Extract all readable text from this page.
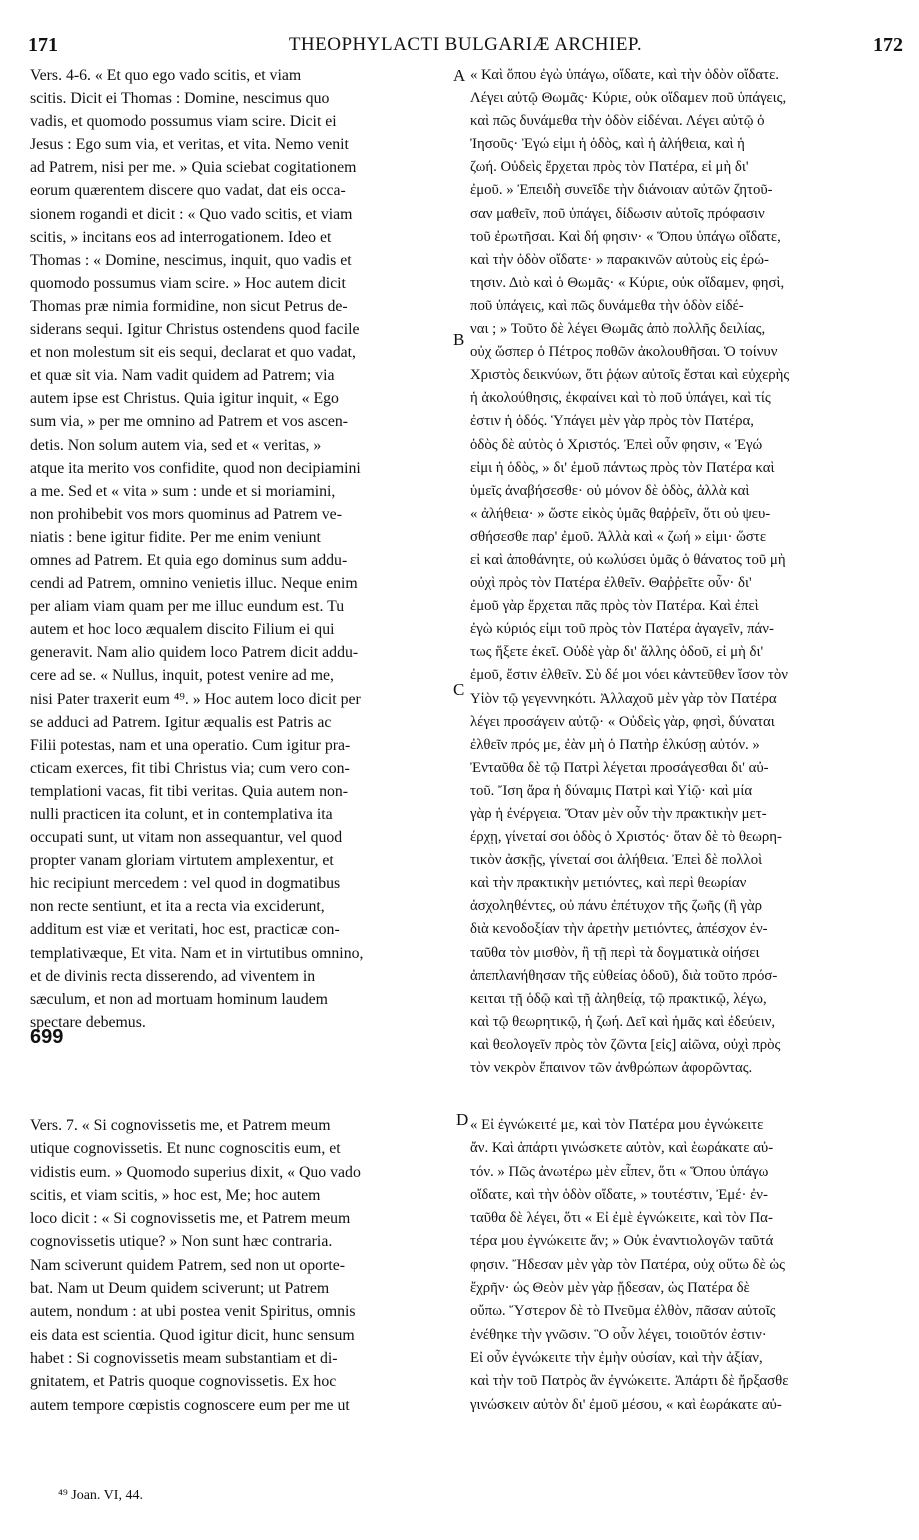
171	THEOPHYLACTI BULGARIÆ ARCHIEP.	172
A
B
C
D
699
Vers. 4-6. « Et quo ego vado scitis, et viam
scitis. Dicit ei Thomas : Domine, nescimus quo
vadis, et quomodo possumus viam scire. Dicit ei
Jesus : Ego sum via, et veritas, et vita. Nemo venit
ad Patrem, nisi per me. » Quia sciebat cogitationem
eorum quærentem discere quo vadat, dat eis occa-
sionem rogandi et dicit : « Quo vado scitis, et viam
scitis, » incitans eos ad interrogationem. Ideo et
Thomas : « Domine, nescimus, inquit, quo vadis et
quomodo possumus viam scire. » Hoc autem dicit
Thomas præ nimia formidine, non sicut Petrus de-
siderans sequi. Igitur Christus ostendens quod facile
et non molestum sit eis sequi, declarat et quo vadat,
et quæ sit via. Nam vadit quidem ad Patrem; via
autem ipse est Christus. Quia igitur inquit, « Ego
sum via, » per me omnino ad Patrem et vos ascen-
detis. Non solum autem via, sed et « veritas, »
atque ita merito vos confidite, quod non decipiamini
a me. Sed et « vita » sum : unde et si moriamini,
non prohibebit vos mors quominus ad Patrem ve-
niatis : bene igitur fidite. Per me enim veniunt
omnes ad Patrem. Et quia ego dominus sum addu-
cendi ad Patrem, omnino venietis illuc. Neque enim
per aliam viam quam per me illuc eundum est. Tu
autem et hoc loco æqualem discito Filium ei qui
generavit. Nam alio quidem loco Patrem dicit addu-
cere ad se. « Nullus, inquit, potest venire ad me,
nisi Pater traxerit eum ⁴⁹. » Hoc autem loco dicit per
se adduci ad Patrem. Igitur æqualis est Patris ac
Filii potestas, nam et una operatio. Cum igitur pra-
cticam exerces, fit tibi Christus via; cum vero con-
templationi vacas, fit tibi veritas. Quia autem non-
nulli practicen ita colunt, et in contemplativa ita
occupati sunt, ut vitam non assequantur, vel quod
propter vanam gloriam virtutem amplexentur, et
hic recipiunt mercedem : vel quod in dogmatibus
non recte sentiunt, et ita a recta via exciderunt,
additum est viæ et veritati, hoc est, practicæ con-
templativæque, Et vita. Nam et in virtutibus omnino,
et de divinis recta disserendo, ad viventem in
sæculum, et non ad mortuam hominum laudem
spectare debemus.
Vers. 7. « Si cognovissetis me, et Patrem meum
utique cognovissetis. Et nunc cognoscitis eum, et
vidistis eum. » Quomodo superius dixit, « Quo vado
scitis, et viam scitis, » hoc est, Me; hoc autem
loco dicit : « Si cognovissetis me, et Patrem meum
cognovissetis utique? » Non sunt hæc contraria.
Nam sciverunt quidem Patrem, sed non ut oporte-
bat. Nam ut Deum quidem sciverunt; ut Patrem
autem, nondum : at ubi postea venit Spiritus, omnis
eis data est scientia. Quod igitur dicit, hunc sensum
habet : Si cognovissetis meam substantiam et di-
gnitatem, et Patris quoque cognovissetis. Ex hoc
autem tempore cœpistis cognoscere eum per me ut
« Καὶ ὅπου ἐγὼ ὑπάγω, οἴδατε, καὶ τὴν ὁδὸν οἴδατε.
Λέγει αὐτῷ Θωμᾶς· Κύριε, οὐκ οἴδαμεν ποῦ ὑπάγεις,
καὶ πῶς δυνάμεθα τὴν ὁδὸν εἰδέναι. Λέγει αὐτῷ ὁ
Ἰησοῦς· Ἐγώ εἰμι ἡ ὁδὸς, καὶ ἡ ἀλήθεια, καὶ ἡ
ζωή. Οὐδεὶς ἔρχεται πρὸς τὸν Πατέρα, εἰ μὴ δι'
ἐμοῦ. » Ἐπειδὴ συνεῖδε τὴν διάνοιαν αὐτῶν ζητοῦ-
σαν μαθεῖν, ποῦ ὑπάγει, δίδωσιν αὐτοῖς πρόφασιν
τοῦ ἐρωτῆσαι. Καὶ δή φησιν· « Ὅπου ὑπάγω οἴδατε,
καὶ τὴν ὁδὸν οἴδατε· » παρακινῶν αὐτοὺς εἰς ἐρώ-
τησιν. Διὸ καὶ ὁ Θωμᾶς· « Κύριε, οὐκ οἴδαμεν, φησὶ,
ποῦ ὑπάγεις, καὶ πῶς δυνάμεθα τὴν ὁδὸν εἰδέ-
ναι ; » Τοῦτο δὲ λέγει Θωμᾶς ἀπὸ πολλῆς δειλίας,
οὐχ ὥσπερ ὁ Πέτρος ποθῶν ἀκολουθῆσαι. Ὁ τοίνυν
Χριστὸς δεικνύων, ὅτι ῥᾴων αὐτοῖς ἔσται καὶ εὐχερὴς
ἡ ἀκολούθησις, ἐκφαίνει καὶ τὸ ποῦ ὑπάγει, καὶ τίς
ἐστιν ἡ ὁδός. Ὑπάγει μὲν γὰρ πρὸς τὸν Πατέρα,
ὁδὸς δὲ αὐτὸς ὁ Χριστός. Ἐπεὶ οὖν φησιν, « Ἐγώ
εἰμι ἡ ὁδὸς, » δι' ἐμοῦ πάντως πρὸς τὸν Πατέρα καὶ
ὑμεῖς ἀναβήσεσθε· οὐ μόνον δὲ ὁδὸς, ἀλλὰ καὶ
« ἀλήθεια· » ὥστε εἰκὸς ὑμᾶς θαῤῥεῖν, ὅτι οὐ ψευ-
σθήσεσθε παρ' ἐμοῦ. Ἀλλὰ καὶ « ζωή » εἰμι· ὥστε
εἰ καὶ ἀποθάνητε, οὐ κωλύσει ὑμᾶς ὁ θάνατος τοῦ μὴ
οὐχὶ πρὸς τὸν Πατέρα ἐλθεῖν. Θαῤῥεῖτε οὖν· δι'
ἐμοῦ γὰρ ἔρχεται πᾶς πρὸς τὸν Πατέρα. Καὶ ἐπεὶ
ἐγὼ κύριός εἰμι τοῦ πρὸς τὸν Πατέρα ἀγαγεῖν, πάν-
τως ἥξετε ἐκεῖ. Οὐδὲ γὰρ δι' ἄλλης ὁδοῦ, εἰ μὴ δι'
ἐμοῦ, ἔστιν ἐλθεῖν. Σὺ δέ μοι νόει κἀντεῦθεν ἴσον τὸν
Υἱὸν τῷ γεγεννηκότι. Ἀλλαχοῦ μὲν γὰρ τὸν Πατέρα
λέγει προσάγειν αὐτῷ· « Οὐδεὶς γὰρ, φησὶ, δύναται
ἐλθεῖν πρός με, ἐὰν μὴ ὁ Πατὴρ ἑλκύσῃ αὐτόν. »
Ἐνταῦθα δὲ τῷ Πατρὶ λέγεται προσάγεσθαι δι' αὐ-
τοῦ. Ἴση ἄρα ἡ δύναμις Πατρὶ καὶ Υἱῷ· καὶ μία
γὰρ ἡ ἐνέργεια. Ὅταν μὲν οὖν τὴν πρακτικὴν μετ-
έρχῃ, γίνεταί σοι ὁδὸς ὁ Χριστός· ὅταν δὲ τὸ θεωρη-
τικὸν ἀσκῇς, γίνεταί σοι ἀλήθεια. Ἐπεὶ δὲ πολλοὶ
καὶ τὴν πρακτικὴν μετιόντες, καὶ περὶ θεωρίαν
ἀσχοληθέντες, οὐ πάνυ ἐπέτυχον τῆς ζωῆς (ἢ γὰρ
διὰ κενοδοξίαν τὴν ἀρετὴν μετιόντες, ἀπέσχον ἐν-
ταῦθα τὸν μισθὸν, ἢ τῇ περὶ τὰ δογματικὰ οἰήσει
ἀπεπλανήθησαν τῆς εὐθείας ὁδοῦ), διὰ τοῦτο πρόσ-
κειται τῇ ὁδῷ καὶ τῇ ἀληθείᾳ, τῷ πρακτικῷ, λέγω,
καὶ τῷ θεωρητικῷ, ἡ ζωή. Δεῖ καὶ ἡμᾶς καὶ ἐδεύειν,
καὶ θεολογεῖν πρὸς τὸν ζῶντα [εἰς] αἰῶνα, οὐχὶ πρὸς
τὸν νεκρὸν ἔπαινον τῶν ἀνθρώπων ἀφορῶντας.
« Εἰ ἐγνώκειτέ με, καὶ τὸν Πατέρα μου ἐγνώκειτε
ἄν. Καὶ ἀπάρτι γινώσκετε αὐτὸν, καὶ ἑωράκατε αὐ-
τόν. » Πῶς ἀνωτέρω μὲν εἶπεν, ὅτι « Ὅπου ὑπάγω
οἴδατε, καὶ τὴν ὁδὸν οἴδατε, » τουτέστιν, Ἐμέ· ἐν-
ταῦθα δὲ λέγει, ὅτι « Εἰ ἐμὲ ἐγνώκειτε, καὶ τὸν Πα-
τέρα μου ἐγνώκειτε ἄν; » Οὐκ ἐναντιολογῶν ταῦτά
φησιν. Ἤδεσαν μὲν γὰρ τὸν Πατέρα, οὐχ οὕτω δὲ ὡς
ἔχρῆν· ὡς Θεὸν μὲν γὰρ ᾔδεσαν, ὡς Πατέρα δὲ
οὔπω. Ὕστερον δὲ τὸ Πνεῦμα ἐλθὸν, πᾶσαν αὐτοῖς
ἐνέθηκε τὴν γνῶσιν. Ὃ οὖν λέγει, τοιοῦτόν ἐστιν·
Εἰ οὖν ἐγνώκειτε τὴν ἐμὴν οὐσίαν, καὶ τὴν ἀξίαν,
καὶ τὴν τοῦ Πατρὸς ἂν ἐγνώκειτε. Ἀπάρτι δὲ ἤρξασθε
γινώσκειν αὐτὸν δι' ἐμοῦ μέσου, « καὶ ἑωράκατε αὐ-
⁴⁹ Joan. VI, 44.
